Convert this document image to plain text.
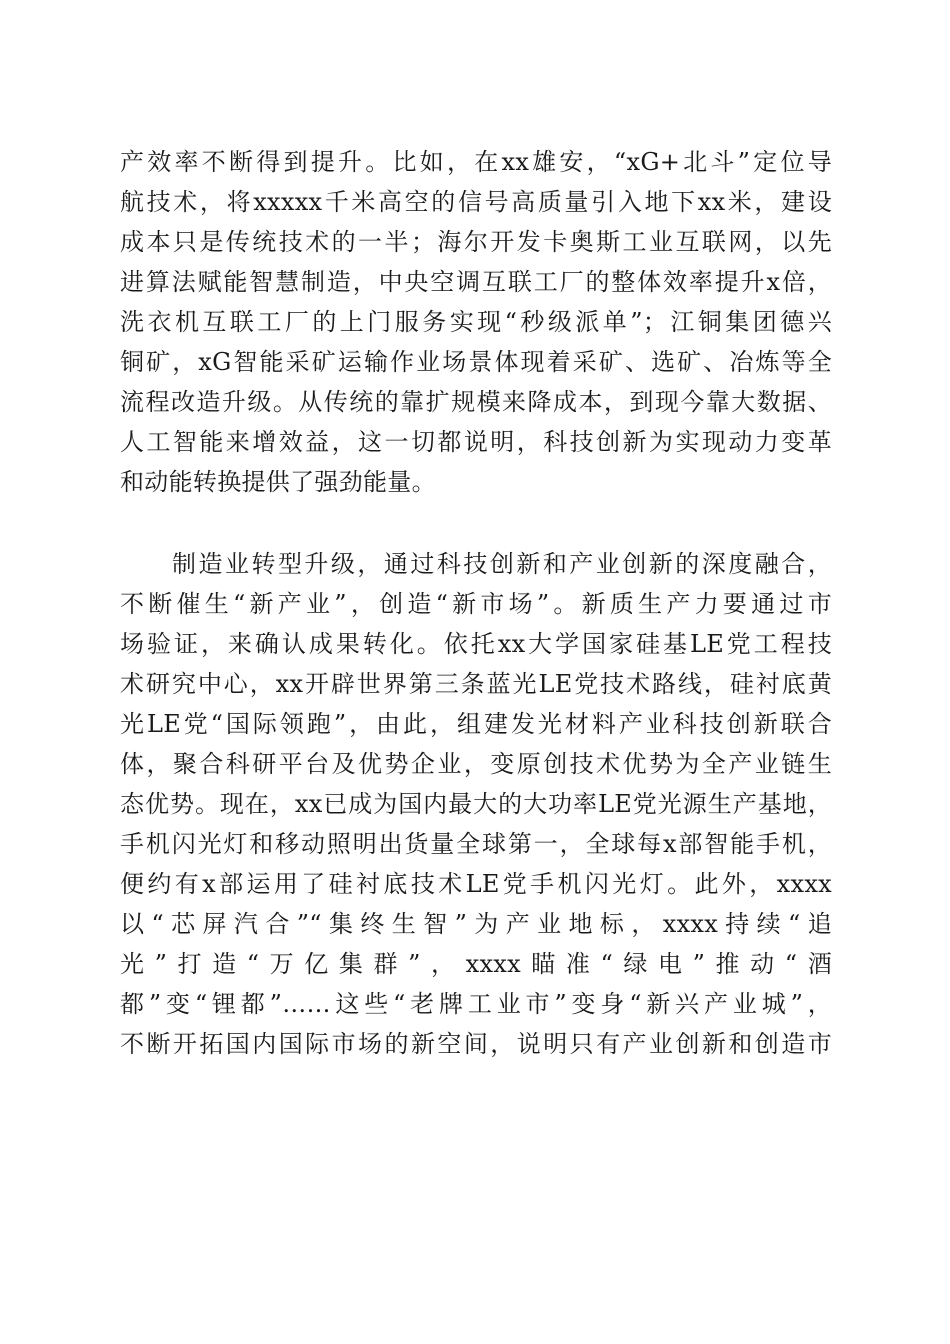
产效率不断得到提升。比如，在xx雄安，“xG+北斗”定位导
航技术，将xxxxx千米高空的信号高质量引入地下xx米，建设
成本只是传统技术的一半；海尔开发卡奥斯工业互联网，以先
进算法赋能智慧制造，中央空调互联工厂的整体效率提升x倍，
洗衣机互联工厂的上门服务实现“秒级派单”；江铜集团德兴
铜矿，xG智能采矿运输作业场景体现着采矿、选矿、冶炼等全
流程改造升级。从传统的靠扩规模来降成本，到现今靠大数据、
人工智能来增效益，这一切都说明，科技创新为实现动力变革
和动能转换提供了强劲能量。
制造业转型升级，通过科技创新和产业创新的深度融合，
不断催生“新产业”，创造“新市场”。新质生产力要通过市
场验证，来确认成果转化。依托xx大学国家硅基LE党工程技
术研究中心，xx开辟世界第三条蓝光LE党技术路线，硅衬底黄
光LE党“国际领跑”，由此，组建发光材料产业科技创新联合
体，聚合科研平台及优势企业，变原创技术优势为全产业链生
态优势。现在，xx已成为国内最大的大功率LE党光源生产基地，
手机闪光灯和移动照明出货量全球第一，全球每x部智能手机，
便约有x部运用了硅衬底技术LE党手机闪光灯。此外，xxxx
以“芯屏汽合”“集终生智”为产业地标，xxxx持续“追
光”打造“万亿集群”，xxxx瞄准“绿电”推动“酒
都”变“锂都”……这些“老牌工业市”变身“新兴产业城”，
不断开拓国内国际市场的新空间，说明只有产业创新和创造市
